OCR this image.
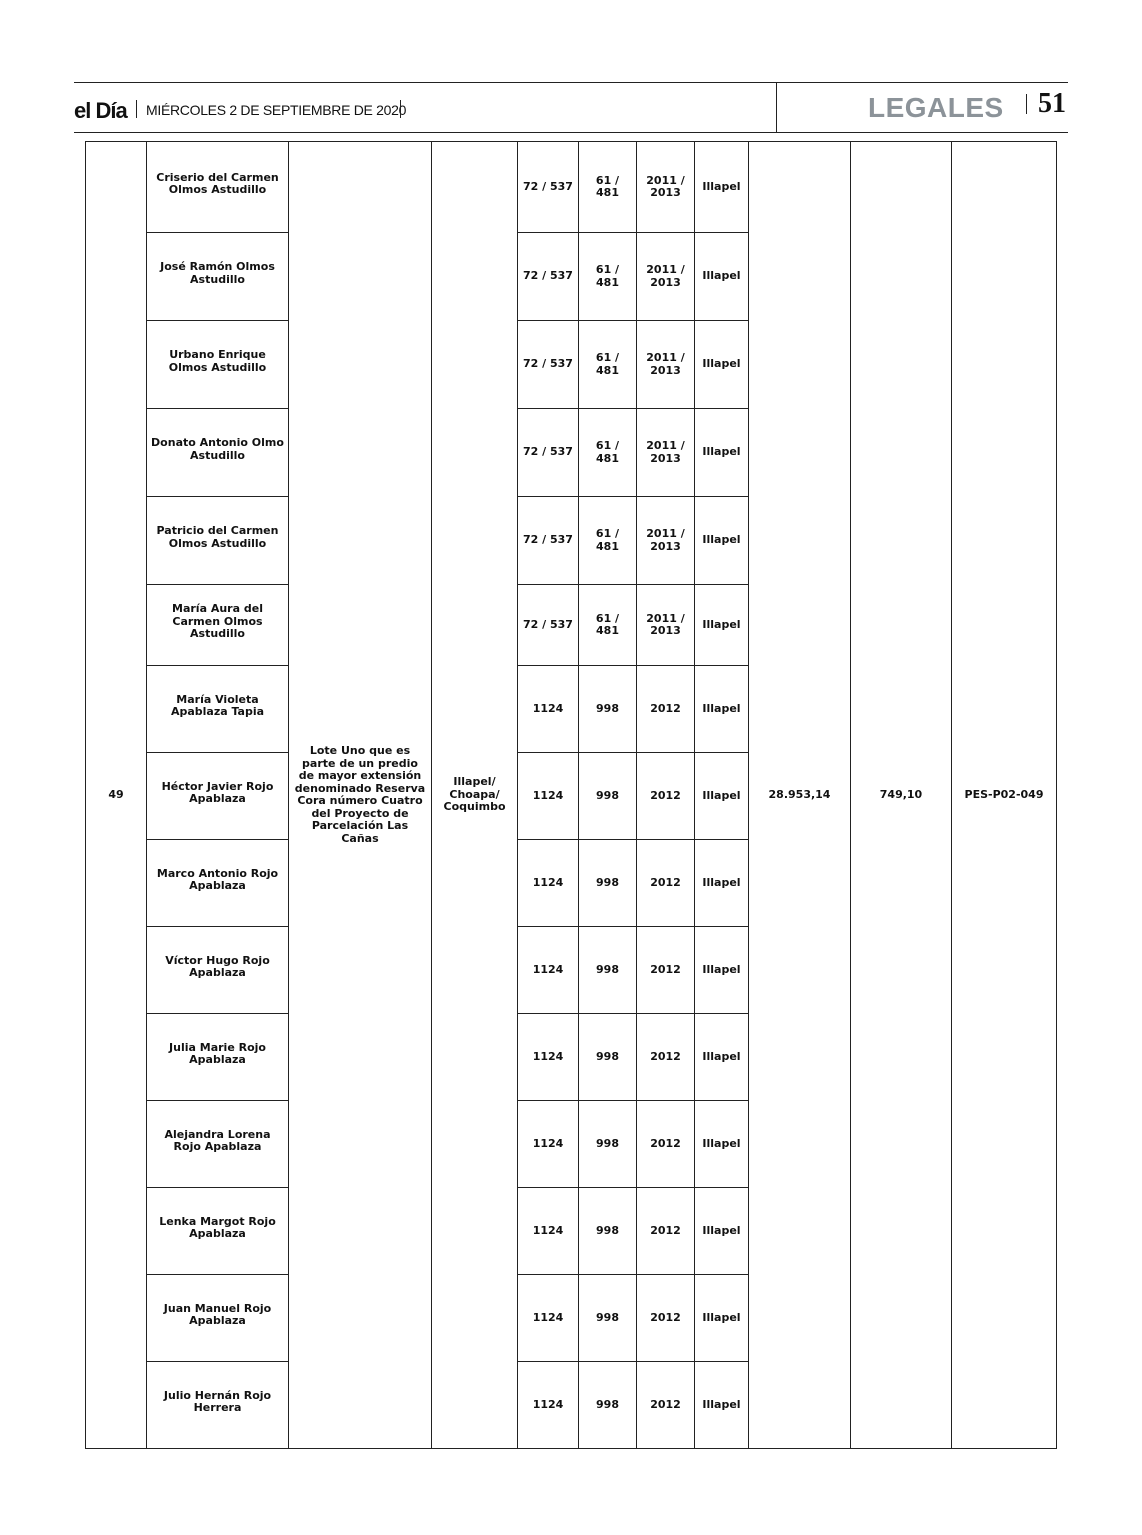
el Día MIÉRCOLES 2 DE SEPTIEMBRE DE 2020	LEGALES 51
49	Criserio del Carmen Olmos Astudillo	Lote Uno que es parte de un predio de mayor extensión denominado Reserva Cora número Cuatro del Proyecto de Parcelación Las Cañas	Illapel/ Choapa/ Coquimbo	72 / 537	61 / 481	2011 / 2013	Illapel	28.953,14	749,10	PES-P02-049
	José Ramón Olmos Astudillo			72 / 537	61 / 481	2011 / 2013	Illapel			
	Urbano Enrique Olmos Astudillo			72 / 537	61 / 481	2011 / 2013	Illapel			
	Donato Antonio Olmo Astudillo			72 / 537	61 / 481	2011 / 2013	Illapel			
	Patricio del Carmen Olmos Astudillo			72 / 537	61 / 481	2011 / 2013	Illapel			
	María Aura del Carmen Olmos Astudillo			72 / 537	61 / 481	2011 / 2013	Illapel			
	María Violeta Apablaza Tapia			1124	998	2012	Illapel			
	Héctor Javier Rojo Apablaza			1124	998	2012	Illapel			
	Marco Antonio Rojo Apablaza			1124	998	2012	Illapel			
	Víctor Hugo Rojo Apablaza			1124	998	2012	Illapel			
	Julia Marie Rojo Apablaza			1124	998	2012	Illapel			
	Alejandra Lorena Rojo Apablaza			1124	998	2012	Illapel			
	Lenka Margot Rojo Apablaza			1124	998	2012	Illapel			
	Juan Manuel Rojo Apablaza			1124	998	2012	Illapel			
	Julio Hernán Rojo Herrera			1124	998	2012	Illapel			
